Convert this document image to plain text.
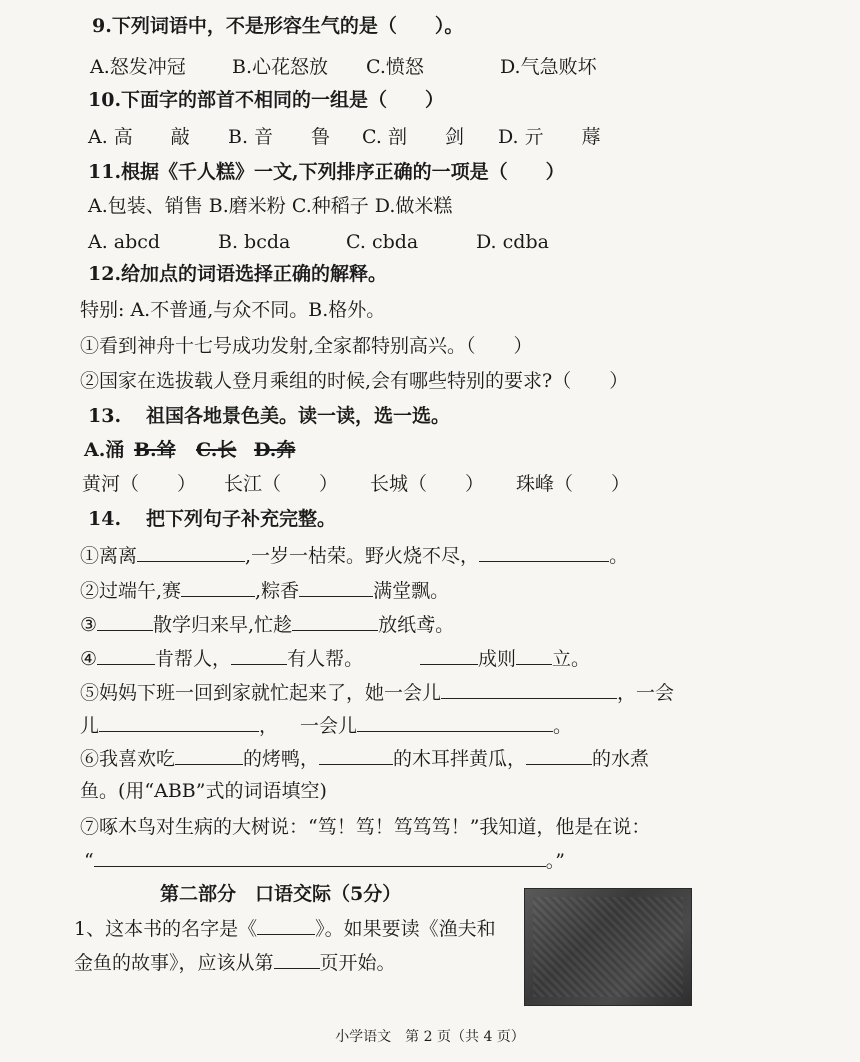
9.下列词语中，不是形容生气的是（　　）。
A.怒发冲冠 B.心花怒放 C.愤怒	D.气急败坏
10.下面字的部首不相同的一组是（　　）
A. 高　　敲 B. 音　　鲁 C. 剖　　剑 D. 亓　　蓐
11.根据《千人糕》一文,下列排序正确的一项是（　　）
A.包装、销售 B.磨米粉 C.种稻子 D.做米糕
A. abcd	B. bcda	C. cbda	D. cdba
12.给加点的词语选择正确的解释。
特别: A.不普通,与众不同。B.格外。
①看到神舟十七号成功发射,全家都特别高兴。（　　）
②国家在选拔载人登月乘组的时候,会有哪些特别的要求?（　　）
13. 祖国各地景色美。读一读，选一选。
A.涌 B.耸 C.长 D.奔
黄河（　　） 长江（　　） 长城（　　） 珠峰（　　）
14. 把下列句子补充完整。
①离离	,一岁一枯荣。野火烧不尽，	。
②过端午,赛	,粽香	满堂飘。
③	散学归来早,忙趁	放纸鸢。
④	肯帮人，	有人帮。	成则 立。
⑤妈妈下班一回到家就忙起来了，她一会儿	，一会
儿	， 一会儿	。
⑥我喜欢吃	的烤鸭，	的木耳拌黄瓜，	的水煮
鱼。(用“ABB”式的词语填空)
⑦啄木鸟对生病的大树说：“笃！笃！笃笃笃！”我知道，他是在说：
“	。”
第二部分　口语交际（5分）
1、这本书的名字是《	》。如果要读《渔夫和
金鱼的故事》，应该从第 页开始。
小学语文　第 2 页（共 4 页）
